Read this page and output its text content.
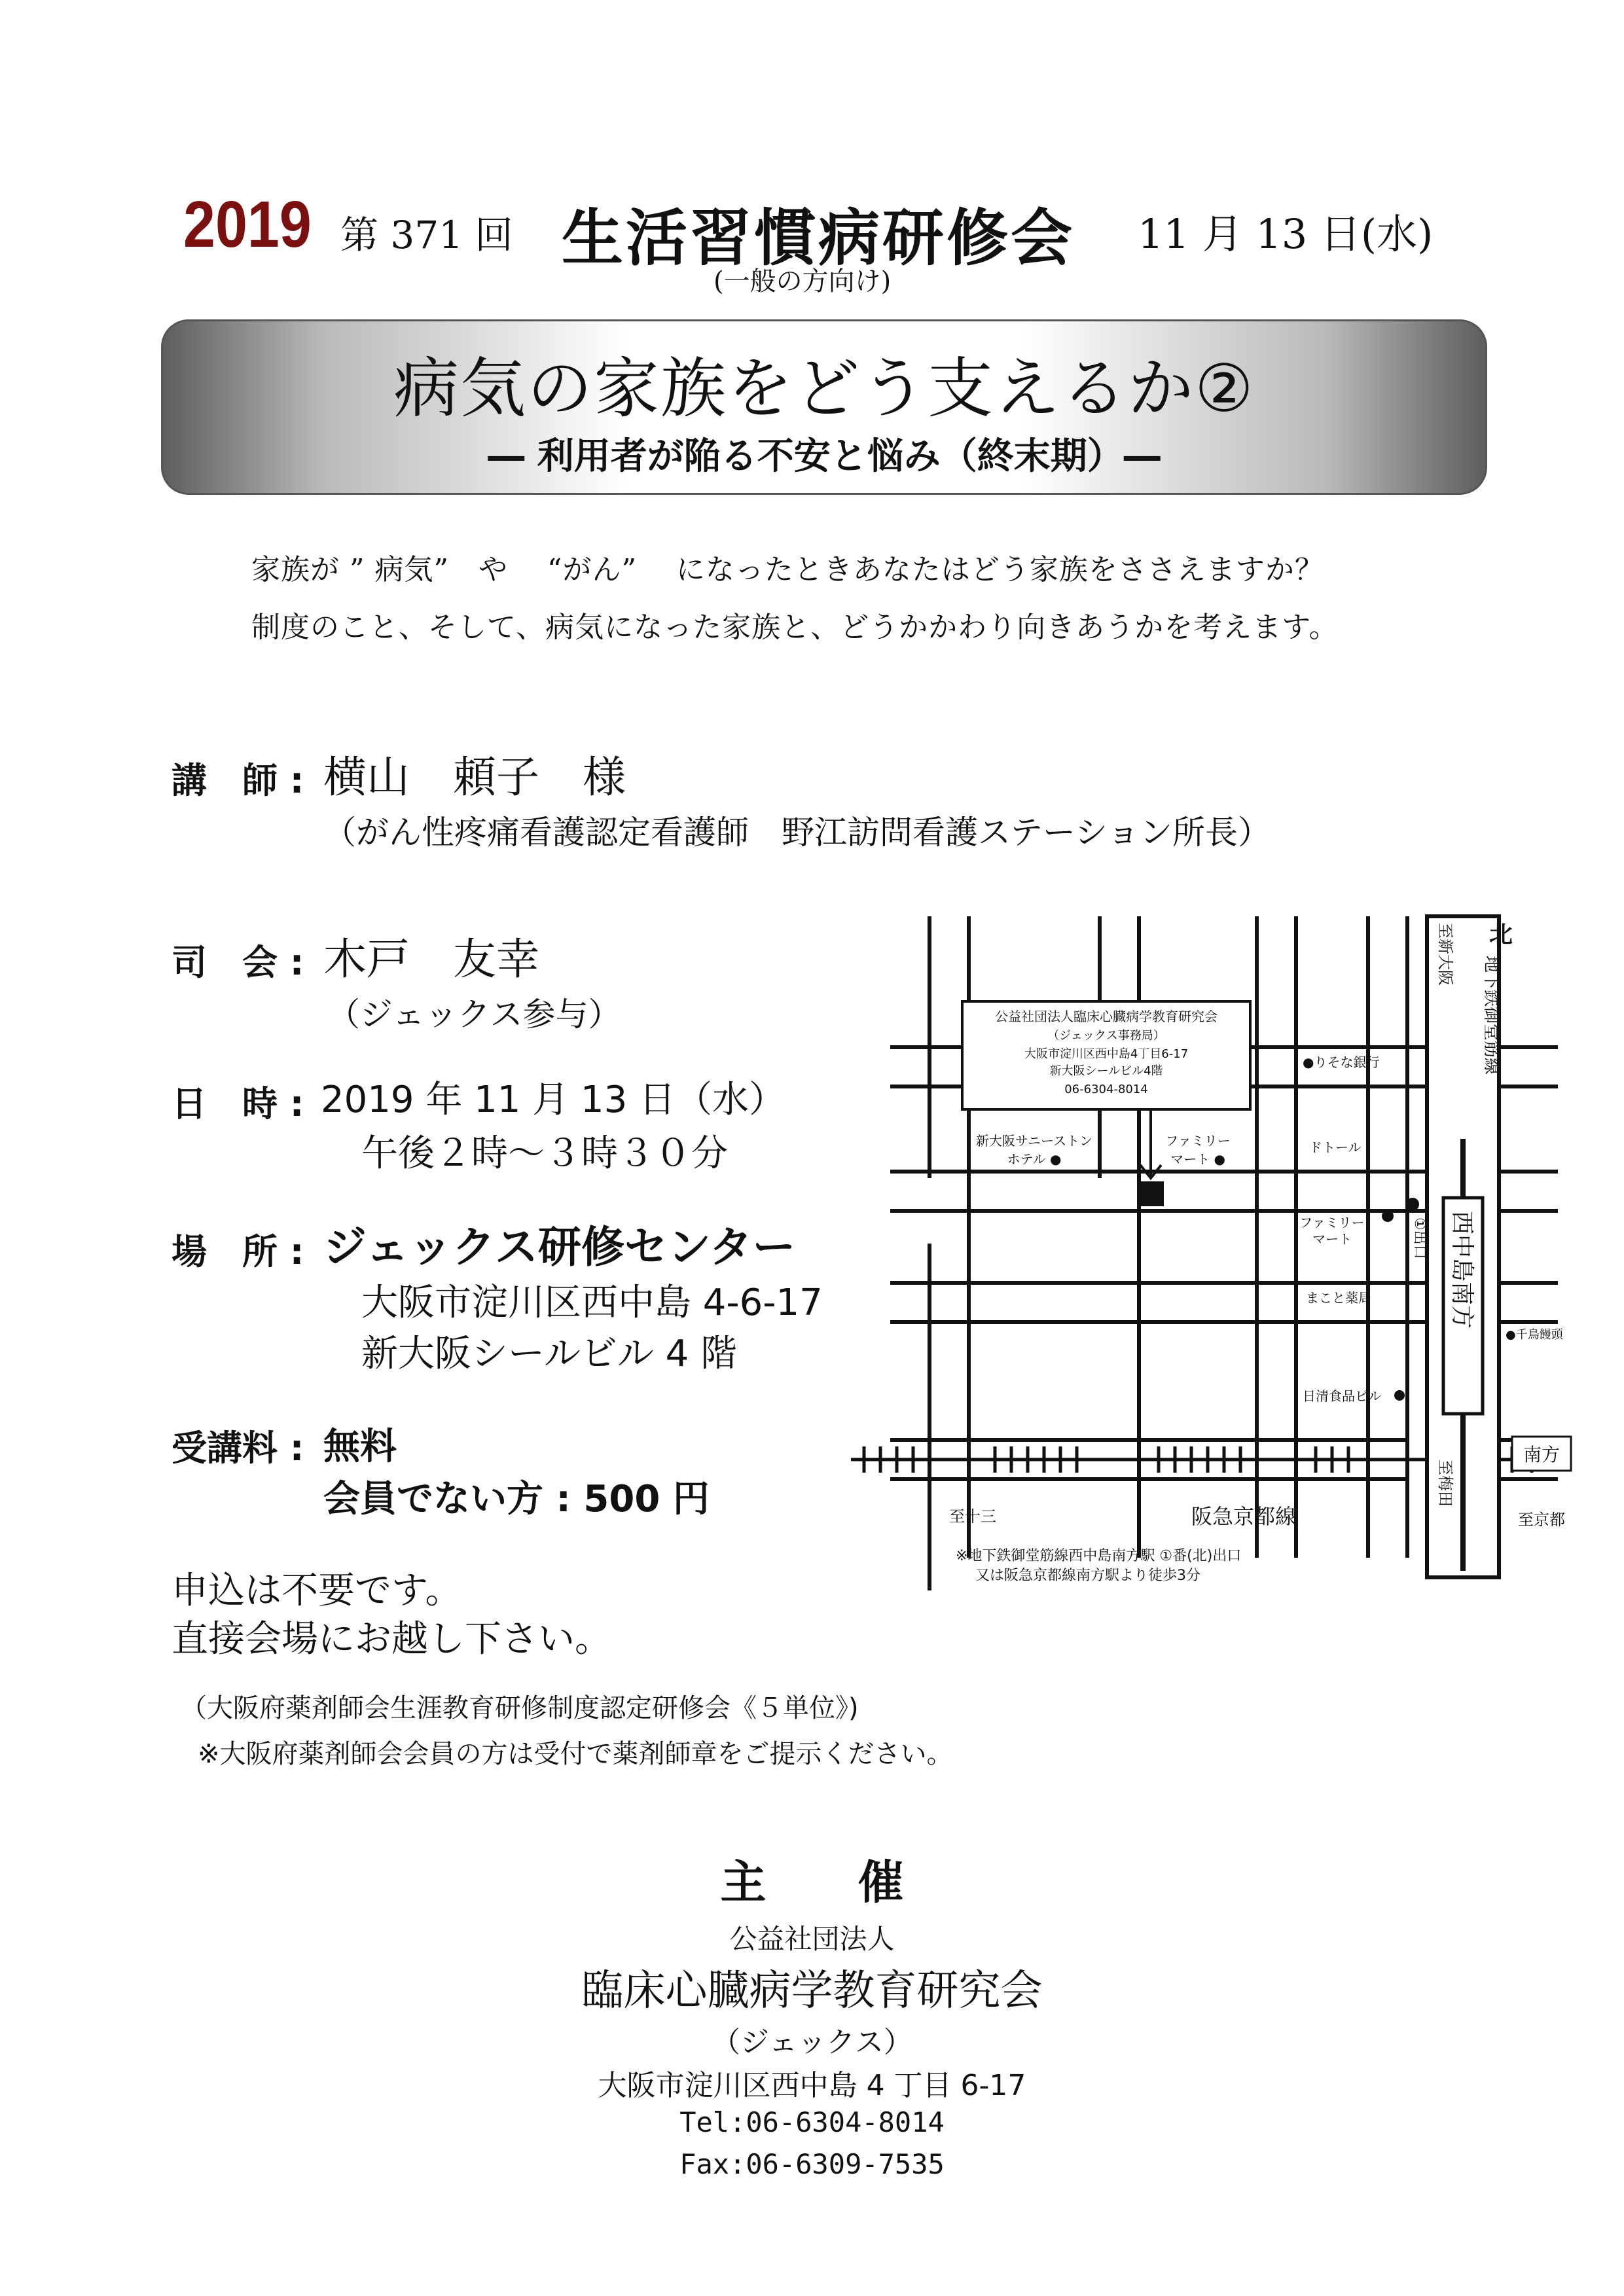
2019 第 371 回 生活習慣病研修会 11 月 13 日(水)
(一般の方向け)
病気の家族をどう支えるか②
― 利用者が陥る不安と悩み（終末期）―
家族が ” 病気”　や　 “がん”　 になったときあなたはどう家族をささえますか？
制度のこと、そして、病気になった家族と、どうかかわり向きあうかを考えます。
講　師 : 横山　頼子　様
（がん性疼痛看護認定看護師　野江訪問看護ステーション所長）
司　会 : 木戸　友幸
（ジェックス参与）
日　時 : 2019 年 11 月 13 日（水）
午後２時～３時３０分
場　所 : ジェックス研修センター
大阪市淀川区西中島 4-6-17
新大阪シールビル 4 階
受講料 : 無料
会員でない方 : 500 円
申込は不要です。
直接会場にお越し下さい。
（大阪府薬剤師会生涯教育研修制度認定研修会《５単位》)
※大阪府薬剤師会会員の方は受付で薬剤師章をご提示ください。
主　　催
公益社団法人
臨床心臓病学教育研究会
（ジェックス）
大阪市淀川区西中島 4 丁目 6-17
Tel:06-6304-8014
Fax:06-6309-7535
北
公益社団法人臨床心臓病学教育研究会
（ジェックス事務局）
大阪市淀川区西中島4丁目6-17
新大阪シールビル4階
06-6304-8014
地下鉄御堂筋線
至新大阪
至梅田
西中島南方
①出口
●りそな銀行
ドトール
ファミリー
マート ●
ファミリー
マート
新大阪サニーストン
ホテル ●
まこと薬局
日清食品ビル
●千鳥饅頭
阪急京都線
至十三
南方
至京都
※地下鉄御堂筋線西中島南方駅 ①番(北)出口
又は阪急京都線南方駅より徒歩3分
